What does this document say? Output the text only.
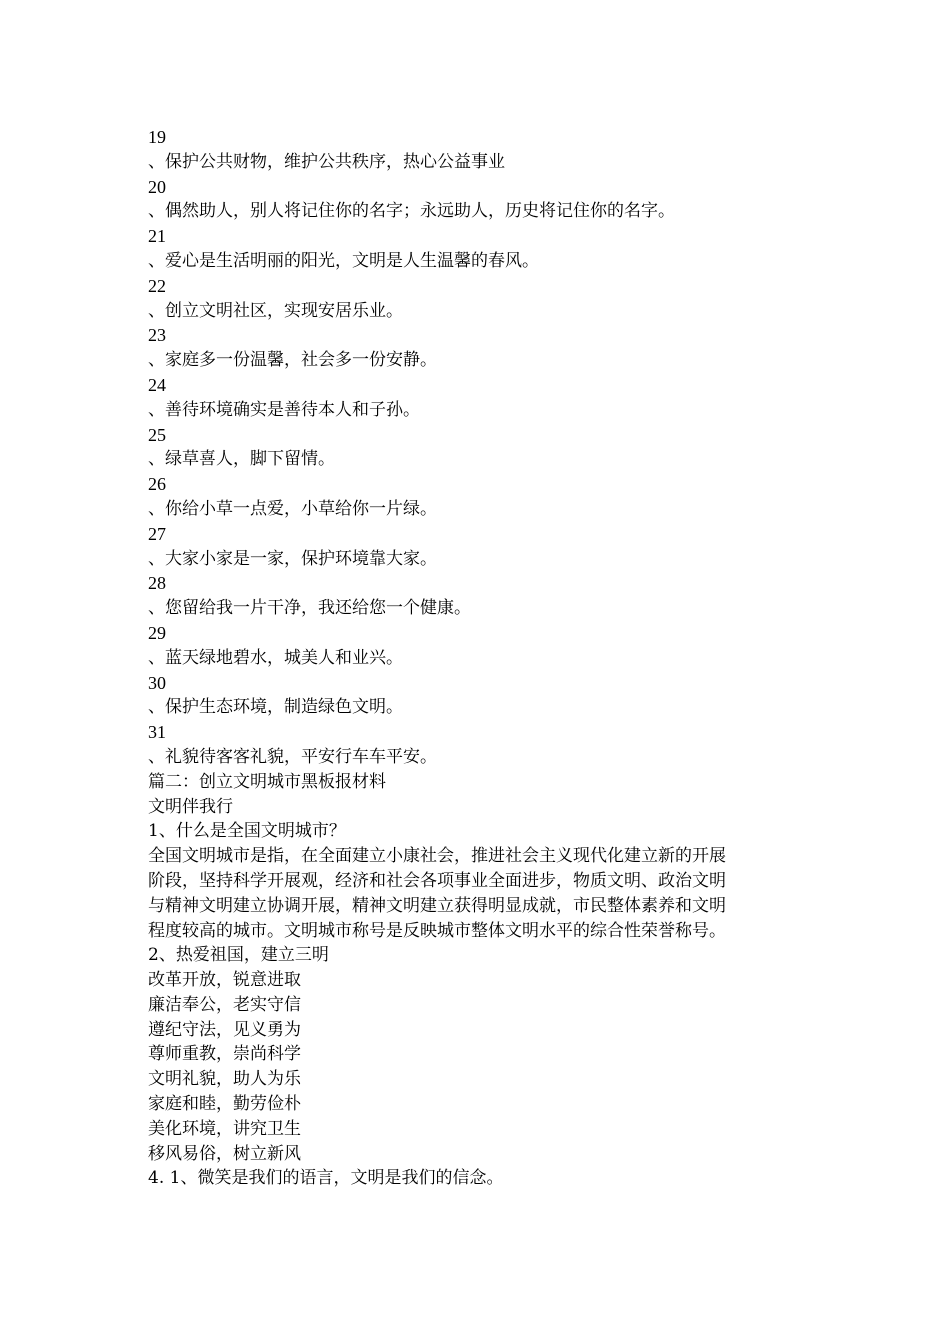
19
、保护公共财物，维护公共秩序，热心公益事业
20
、偶然助人，别人将记住你的名字；永远助人，历史将记住你的名字。
21
、爱心是生活明丽的阳光，文明是人生温馨的春风。
22
、创立文明社区，实现安居乐业。
23
、家庭多一份温馨，社会多一份安静。
24
、善待环境确实是善待本人和子孙。
25
、绿草喜人，脚下留情。
26
、你给小草一点爱，小草给你一片绿。
27
、大家小家是一家，保护环境靠大家。
28
、您留给我一片干净，我还给您一个健康。
29
、蓝天绿地碧水，城美人和业兴。
30
、保护生态环境，制造绿色文明。
31
、礼貌待客客礼貌，平安行车车平安。
篇二：创立文明城市黑板报材料
文明伴我行
1、什么是全国文明城市？
全国文明城市是指，在全面建立小康社会，推进社会主义现代化建立新的开展
阶段，坚持科学开展观，经济和社会各项事业全面进步，物质文明、政治文明
与精神文明建立协调开展，精神文明建立获得明显成就，市民整体素养和文明
程度较高的城市。文明城市称号是反映城市整体文明水平的综合性荣誉称号。
2、热爱祖国，建立三明
改革开放，锐意进取
廉洁奉公，老实守信
遵纪守法，见义勇为
尊师重教，崇尚科学
文明礼貌，助人为乐
家庭和睦，勤劳俭朴
美化环境，讲究卫生
移风易俗，树立新风
4. 1、微笑是我们的语言，文明是我们的信念。
